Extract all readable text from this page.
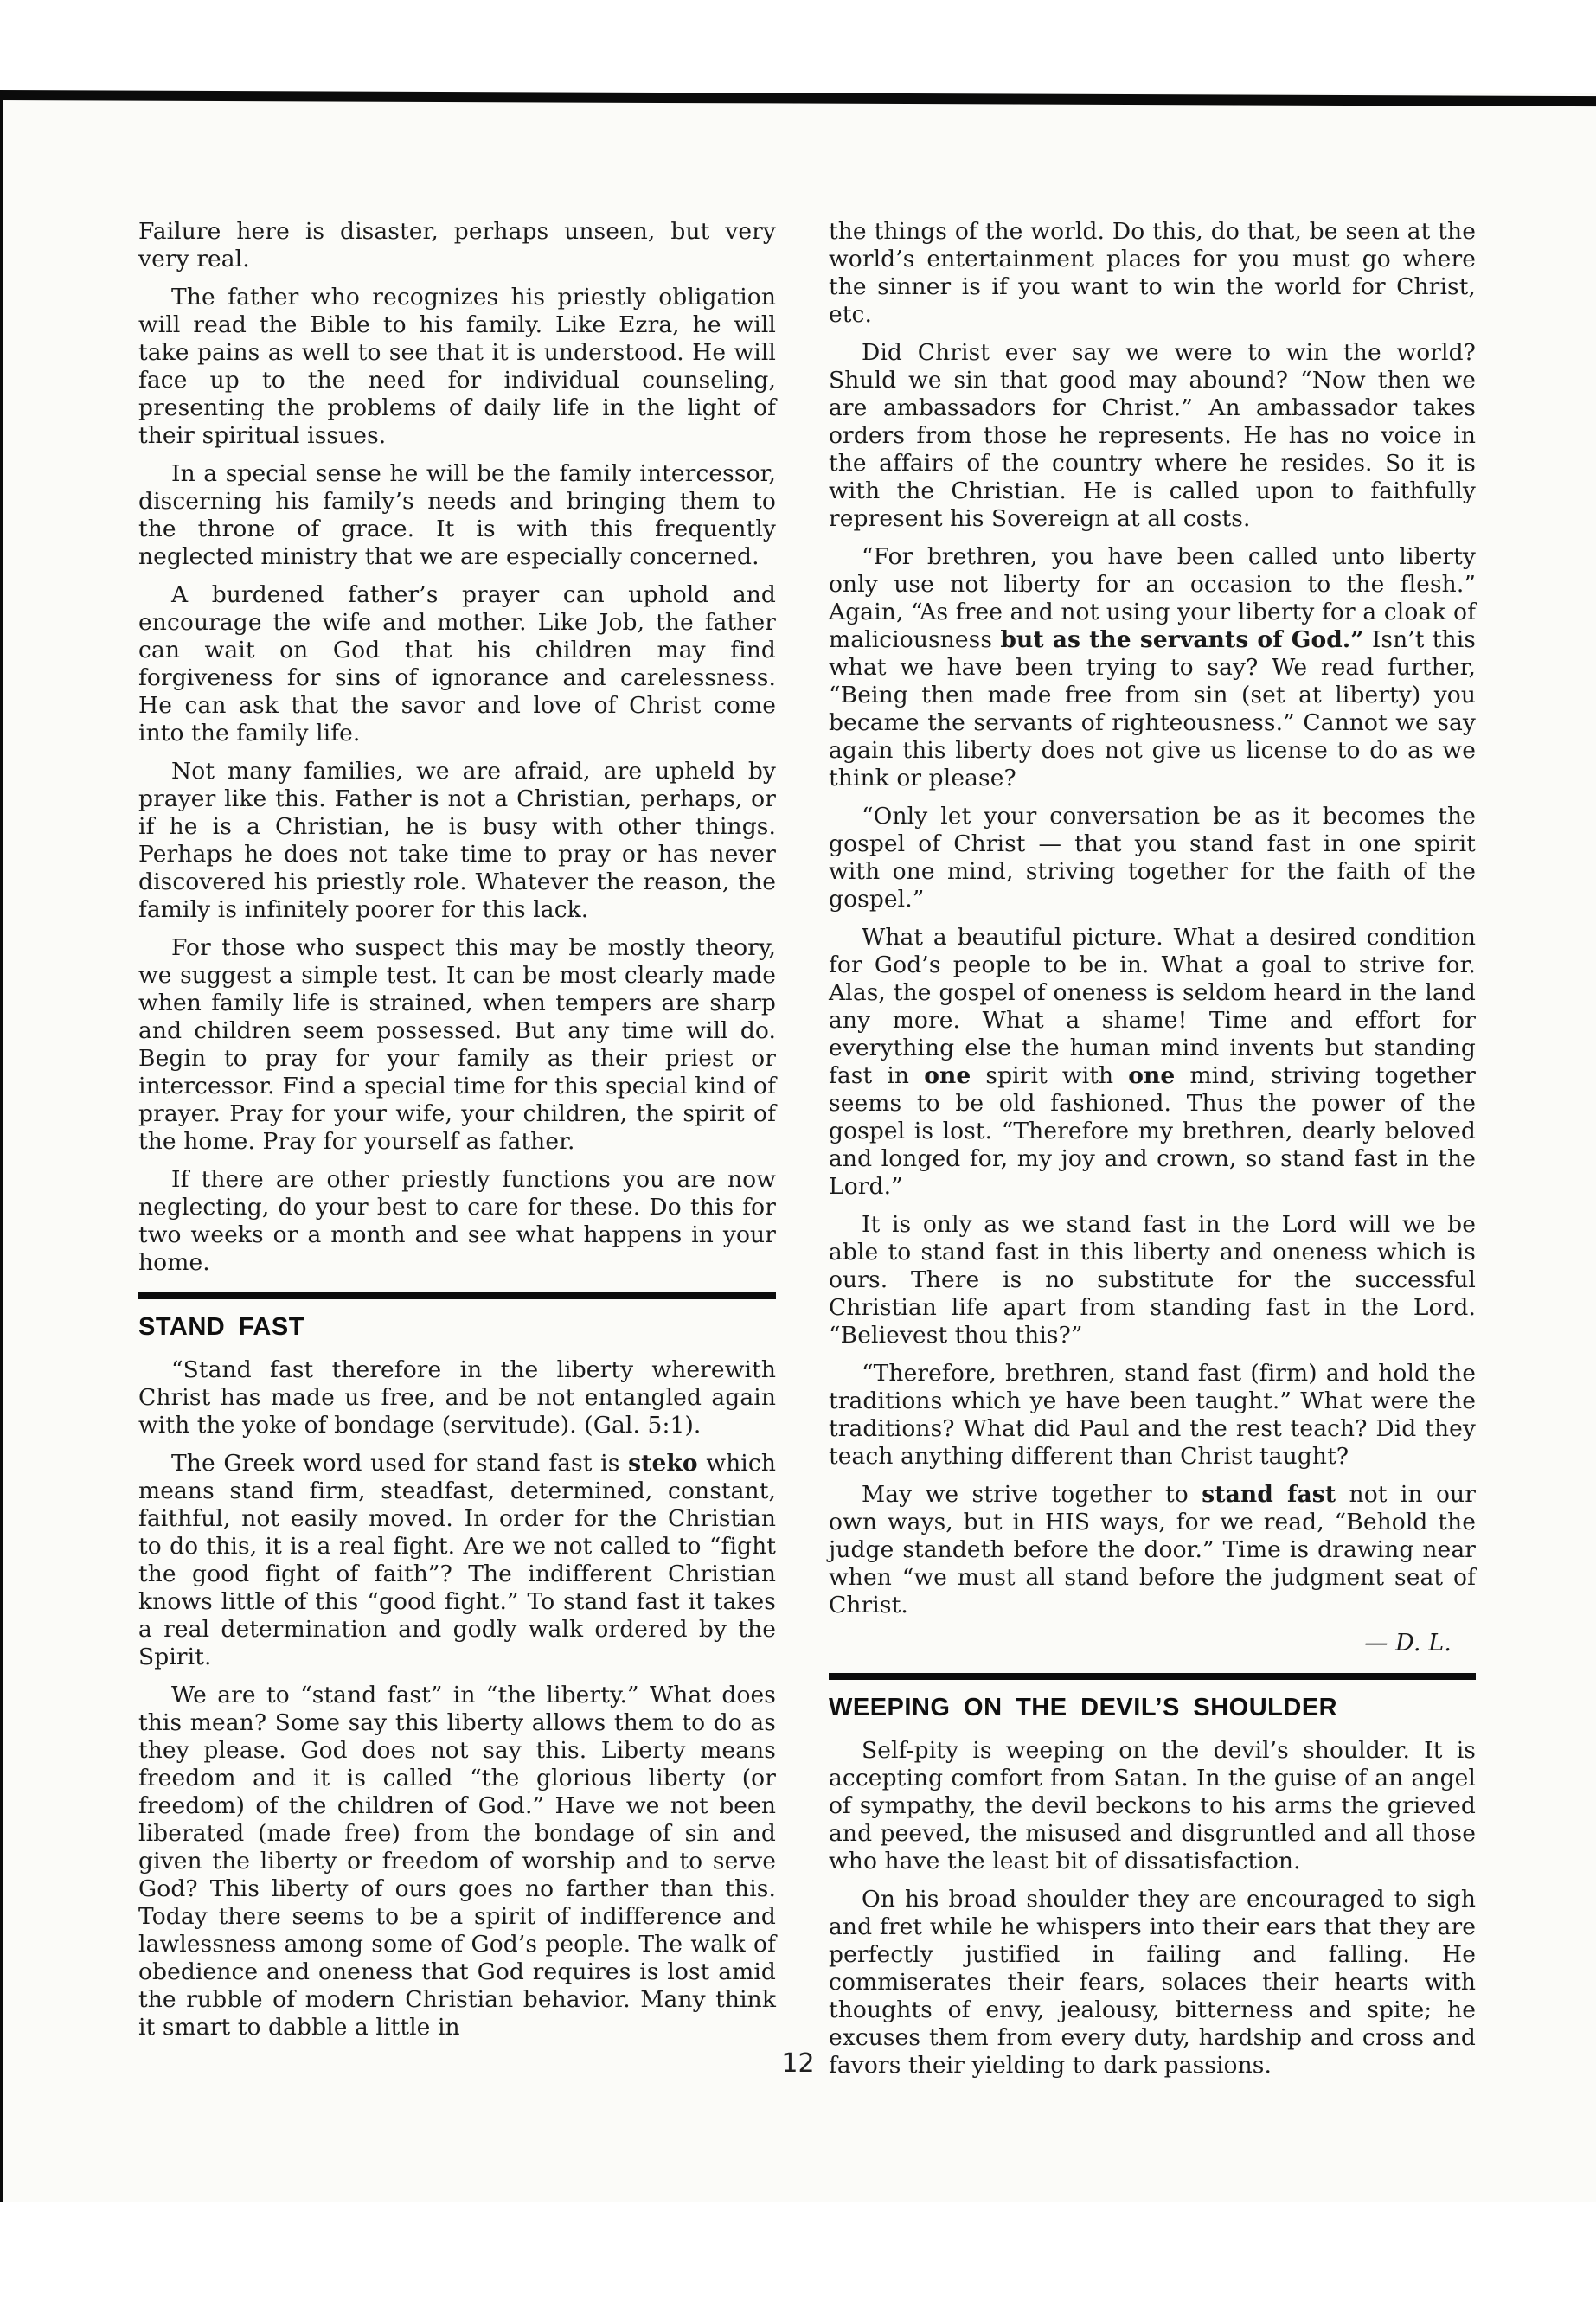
Failure here is disaster, perhaps unseen, but very very real.

The father who recognizes his priestly obligation will read the Bible to his family. Like Ezra, he will take pains as well to see that it is understood. He will face up to the need for individual counseling, presenting the problems of daily life in the light of their spiritual issues.

In a special sense he will be the family intercessor, discerning his family’s needs and bringing them to the throne of grace. It is with this frequently neglected ministry that we are especially concerned.

A burdened father’s prayer can uphold and encourage the wife and mother. Like Job, the father can wait on God that his children may find forgiveness for sins of ignorance and carelessness. He can ask that the savor and love of Christ come into the family life.

Not many families, we are afraid, are upheld by prayer like this. Father is not a Christian, perhaps, or if he is a Christian, he is busy with other things. Perhaps he does not take time to pray or has never discovered his priestly role. Whatever the reason, the family is infinitely poorer for this lack.

For those who suspect this may be mostly theory, we suggest a simple test. It can be most clearly made when family life is strained, when tempers are sharp and children seem possessed. But any time will do. Begin to pray for your family as their priest or intercessor. Find a special time for this special kind of prayer. Pray for your wife, your children, the spirit of the home. Pray for yourself as father.

If there are other priestly functions you are now neglecting, do your best to care for these. Do this for two weeks or a month and see what happens in your home.

STAND FAST

“Stand fast therefore in the liberty wherewith Christ has made us free, and be not entangled again with the yoke of bondage (servitude). (Gal. 5:1).

The Greek word used for stand fast is steko which means stand firm, steadfast, determined, constant, faithful, not easily moved. In order for the Christian to do this, it is a real fight. Are we not called to “fight the good fight of faith”? The indifferent Christian knows little of this “good fight.” To stand fast it takes a real determination and godly walk ordered by the Spirit.

We are to “stand fast” in “the liberty.” What does this mean? Some say this liberty allows them to do as they please. God does not say this. Liberty means freedom and it is called “the glorious liberty (or freedom) of the children of God.” Have we not been liberated (made free) from the bondage of sin and given the liberty or freedom of worship and to serve God? This liberty of ours goes no farther than this. Today there seems to be a spirit of indifference and lawlessness among some of God’s people. The walk of obedience and oneness that God requires is lost amid the rubble of modern Christian behavior. Many think it smart to dabble a little in

the things of the world. Do this, do that, be seen at the world’s entertainment places for you must go where the sinner is if you want to win the world for Christ, etc.

Did Christ ever say we were to win the world? Shuld we sin that good may abound? “Now then we are ambassadors for Christ.” An ambassador takes orders from those he represents. He has no voice in the affairs of the country where he resides. So it is with the Christian. He is called upon to faithfully represent his Sovereign at all costs.

“For brethren, you have been called unto liberty only use not liberty for an occasion to the flesh.” Again, “As free and not using your liberty for a cloak of maliciousness but as the servants of God.” Isn’t this what we have been trying to say? We read further, “Being then made free from sin (set at liberty) you became the servants of righteousness.” Cannot we say again this liberty does not give us license to do as we think or please?

“Only let your conversation be as it becomes the gospel of Christ — that you stand fast in one spirit with one mind, striving together for the faith of the gospel.”

What a beautiful picture. What a desired condition for God’s people to be in. What a goal to strive for. Alas, the gospel of oneness is seldom heard in the land any more. What a shame! Time and effort for everything else the human mind invents but standing fast in one spirit with one mind, striving together seems to be old fashioned. Thus the power of the gospel is lost. “Therefore my brethren, dearly beloved and longed for, my joy and crown, so stand fast in the Lord.”

It is only as we stand fast in the Lord will we be able to stand fast in this liberty and oneness which is ours. There is no substitute for the successful Christian life apart from standing fast in the Lord. “Believest thou this?”

“Therefore, brethren, stand fast (firm) and hold the traditions which ye have been taught.” What were the traditions? What did Paul and the rest teach? Did they teach anything different than Christ taught?

May we strive together to stand fast not in our own ways, but in HIS ways, for we read, “Behold the judge standeth before the door.” Time is drawing near when “we must all stand before the judgment seat of Christ.

— D. L.

WEEPING ON THE DEVIL’S SHOULDER

Self-pity is weeping on the devil’s shoulder. It is accepting comfort from Satan. In the guise of an angel of sympathy, the devil beckons to his arms the grieved and peeved, the misused and disgruntled and all those who have the least bit of dissatisfaction.

On his broad shoulder they are encouraged to sigh and fret while he whispers into their ears that they are perfectly justified in failing and falling. He commiserates their fears, solaces their hearts with thoughts of envy, jealousy, bitterness and spite; he excuses them from every duty, hardship and cross and favors their yielding to dark passions.

12
